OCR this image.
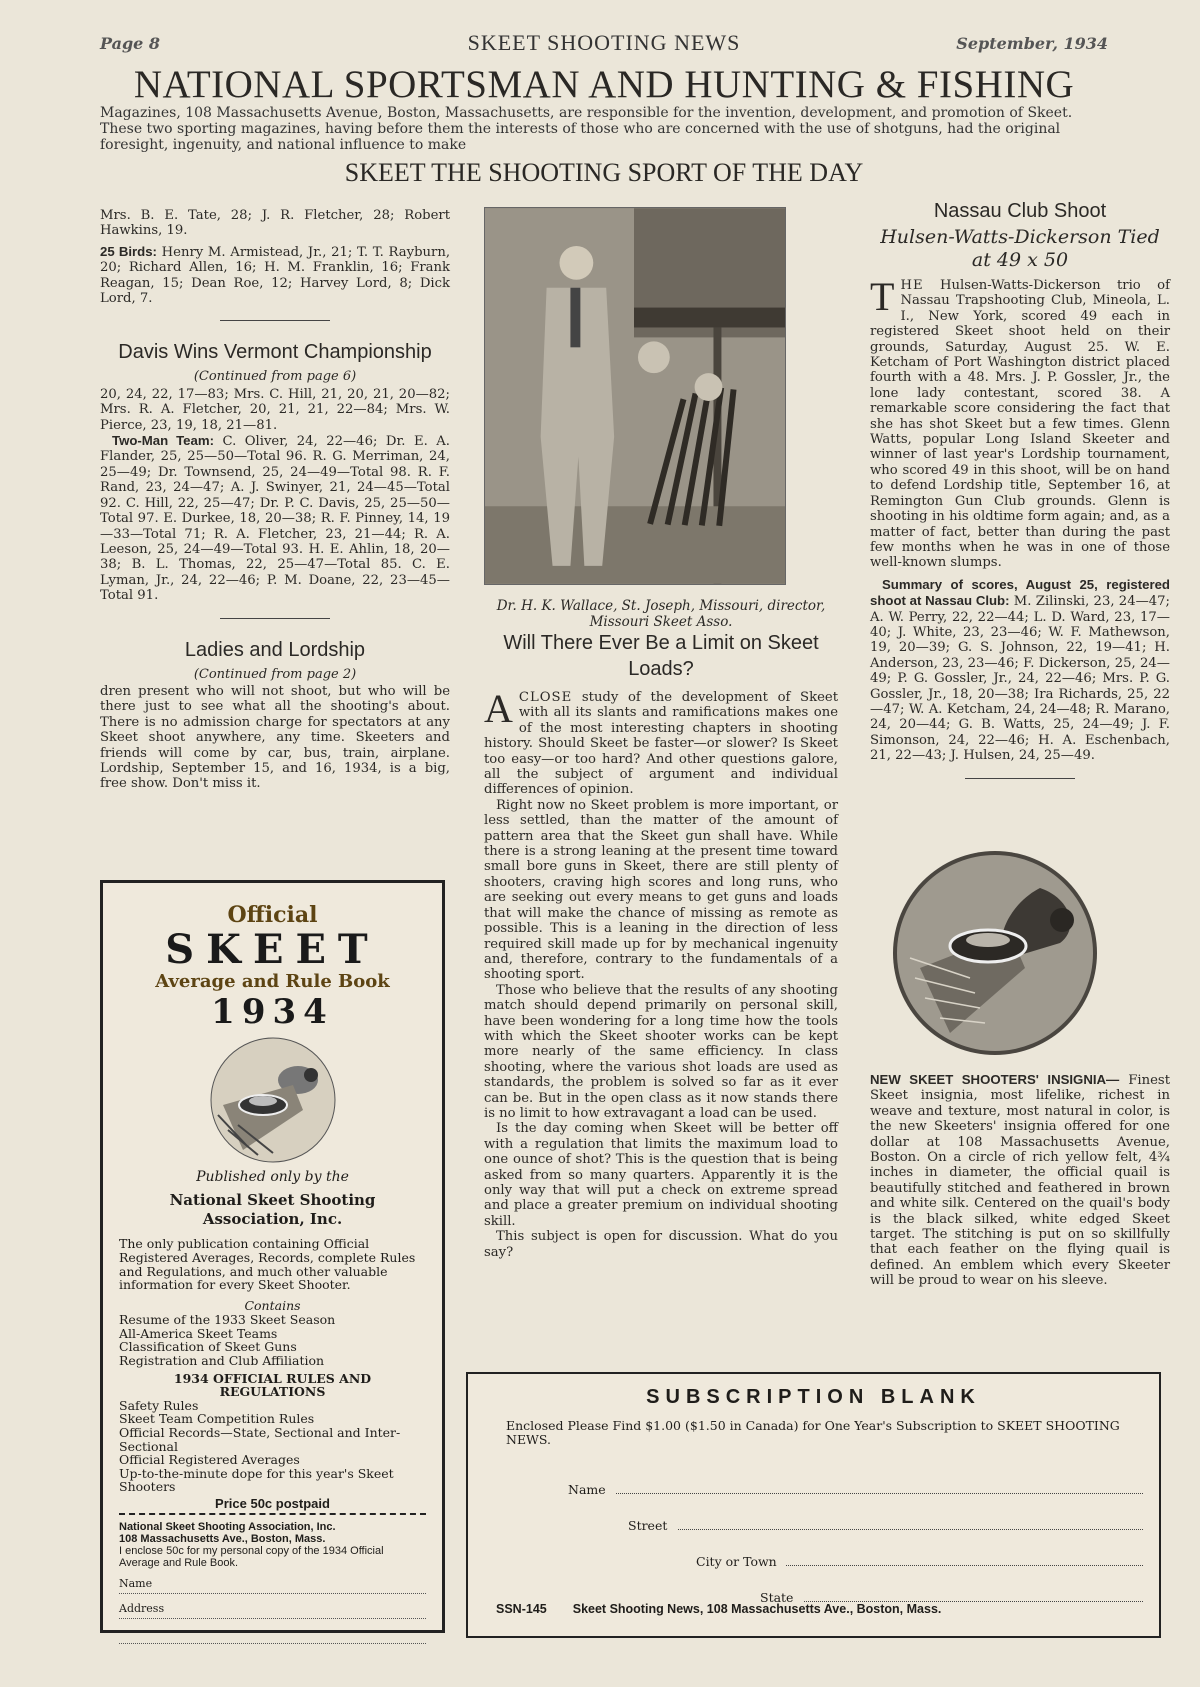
Page 8	SKEET SHOOTING NEWS	September, 1934
NATIONAL SPORTSMAN AND HUNTING & FISHING
Magazines, 108 Massachusetts Avenue, Boston, Massachusetts, are responsible for the invention, development, and promotion of Skeet. These two sporting magazines, having before them the interests of those who are concerned with the use of shotguns, had the original foresight, ingenuity, and national influence to make
SKEET THE SHOOTING SPORT OF THE DAY

Mrs. B. E. Tate, 28; J. R. Fletcher, 28; Robert Hawkins, 19.

25 Birds: Henry M. Armistead, Jr., 21; T. T. Rayburn, 20; Richard Allen, 16; H. M. Franklin, 16; Frank Reagan, 15; Dean Roe, 12; Harvey Lord, 8; Dick Lord, 7.

Davis Wins Vermont Championship
(Continued from page 6)

20, 24, 22, 17—83; Mrs. C. Hill, 21, 20, 21, 20—82; Mrs. R. A. Fletcher, 20, 21, 21, 22—84; Mrs. W. Pierce, 23, 19, 18, 21—81.

Two-Man Team: C. Oliver, 24, 22—46; Dr. E. A. Flander, 25, 25—50—Total 96. R. G. Merriman, 24, 25—49; Dr. Townsend, 25, 24—49—Total 98. R. F. Rand, 23, 24—47; A. J. Swinyer, 21, 24—45—Total 92. C. Hill, 22, 25—47; Dr. P. C. Davis, 25, 25—50—Total 97. E. Durkee, 18, 20—38; R. F. Pinney, 14, 19—33—Total 71; R. A. Fletcher, 23, 21—44; R. A. Leeson, 25, 24—49—Total 93. H. E. Ahlin, 18, 20—38; B. L. Thomas, 22, 25—47—Total 85. C. E. Lyman, Jr., 24, 22—46; P. M. Doane, 22, 23—45—Total 91.

Ladies and Lordship
(Continued from page 2)

dren present who will not shoot, but who will be there just to see what all the shooting's about. There is no admission charge for spectators at any Skeet shoot anywhere, any time. Skeeters and friends will come by car, bus, train, airplane. Lordship, September 15, and 16, 1934, is a big, free show. Don't miss it.

Official
SKEET
Average and Rule Book
1934
Published only by the
National Skeet Shooting Association, Inc.
The only publication containing Official Registered Averages, Records, complete Rules and Regulations, and much other valuable information for every Skeet Shooter.
Contains
Resume of the 1933 Skeet Season
All-America Skeet Teams
Classification of Skeet Guns
Registration and Club Affiliation
1934 OFFICIAL RULES AND REGULATIONS
Safety Rules
Skeet Team Competition Rules
Official Records—State, Sectional and Inter-Sectional
Official Registered Averages
Up-to-the-minute dope for this year's Skeet Shooters
Price 50c postpaid
National Skeet Shooting Association, Inc.
108 Massachusetts Ave., Boston, Mass.
I enclose 50c for my personal copy of the 1934 Official Average and Rule Book.
Name
Address

Dr. H. K. Wallace, St. Joseph, Missouri, director, Missouri Skeet Asso.
Will There Ever Be a Limit on Skeet Loads?

ACLOSE study of the development of Skeet with all its slants and ramifications makes one of the most interesting chapters in shooting history. Should Skeet be faster—or slower? Is Skeet too easy—or too hard? And other questions galore, all the subject of argument and individual differences of opinion.

Right now no Skeet problem is more important, or less settled, than the matter of the amount of pattern area that the Skeet gun shall have. While there is a strong leaning at the present time toward small bore guns in Skeet, there are still plenty of shooters, craving high scores and long runs, who are seeking out every means to get guns and loads that will make the chance of missing as remote as possible. This is a leaning in the direction of less required skill made up for by mechanical ingenuity and, therefore, contrary to the fundamentals of a shooting sport.

Those who believe that the results of any shooting match should depend primarily on personal skill, have been wondering for a long time how the tools with which the Skeet shooter works can be kept more nearly of the same efficiency. In class shooting, where the various shot loads are used as standards, the problem is solved so far as it ever can be. But in the open class as it now stands there is no limit to how extravagant a load can be used.

Is the day coming when Skeet will be better off with a regulation that limits the maximum load to one ounce of shot? This is the question that is being asked from so many quarters. Apparently it is the only way that will put a check on extreme spread and place a greater premium on individual shooting skill.

This subject is open for discussion. What do you say?

Nassau Club Shoot
Hulsen-Watts-Dickerson Tied at 49 x 50

THE Hulsen-Watts-Dickerson trio of Nassau Trapshooting Club, Mineola, L. I., New York, scored 49 each in registered Skeet shoot held on their grounds, Saturday, August 25. W. E. Ketcham of Port Washington district placed fourth with a 48. Mrs. J. P. Gossler, Jr., the lone lady contestant, scored 38. A remarkable score considering the fact that she has shot Skeet but a few times. Glenn Watts, popular Long Island Skeeter and winner of last year's Lordship tournament, who scored 49 in this shoot, will be on hand to defend Lordship title, September 16, at Remington Gun Club grounds. Glenn is shooting in his oldtime form again; and, as a matter of fact, better than during the past few months when he was in one of those well-known slumps.

Summary of scores, August 25, registered shoot at Nassau Club: M. Zilinski, 23, 24—47; A. W. Perry, 22, 22—44; L. D. Ward, 23, 17—40; J. White, 23, 23—46; W. F. Mathewson, 19, 20—39; G. S. Johnson, 22, 19—41; H. Anderson, 23, 23—46; F. Dickerson, 25, 24—49; P. G. Gossler, Jr., 24, 22—46; Mrs. P. G. Gossler, Jr., 18, 20—38; Ira Richards, 25, 22—47; W. A. Ketcham, 24, 24—48; R. Marano, 24, 20—44; G. B. Watts, 25, 24—49; J. F. Simonson, 24, 22—46; H. A. Eschenbach, 21, 22—43; J. Hulsen, 24, 25—49.

NEW SKEET SHOOTERS' INSIGNIA— Finest Skeet insignia, most lifelike, richest in weave and texture, most natural in color, is the new Skeeters' insignia offered for one dollar at 108 Massachusetts Avenue, Boston. On a circle of rich yellow felt, 4¾ inches in diameter, the official quail is beautifully stitched and feathered in brown and white silk. Centered on the quail's body is the black silked, white edged Skeet target. The stitching is put on so skillfully that each feather on the flying quail is defined. An emblem which every Skeeter will be proud to wear on his sleeve.
SUBSCRIPTION BLANK
Enclosed Please Find $1.00 ($1.50 in Canada) for One Year's Subscription to SKEET SHOOTING NEWS.
Name
Street
City or Town
State
SSN-145 Skeet Shooting News, 108 Massachusetts Ave., Boston, Mass.
